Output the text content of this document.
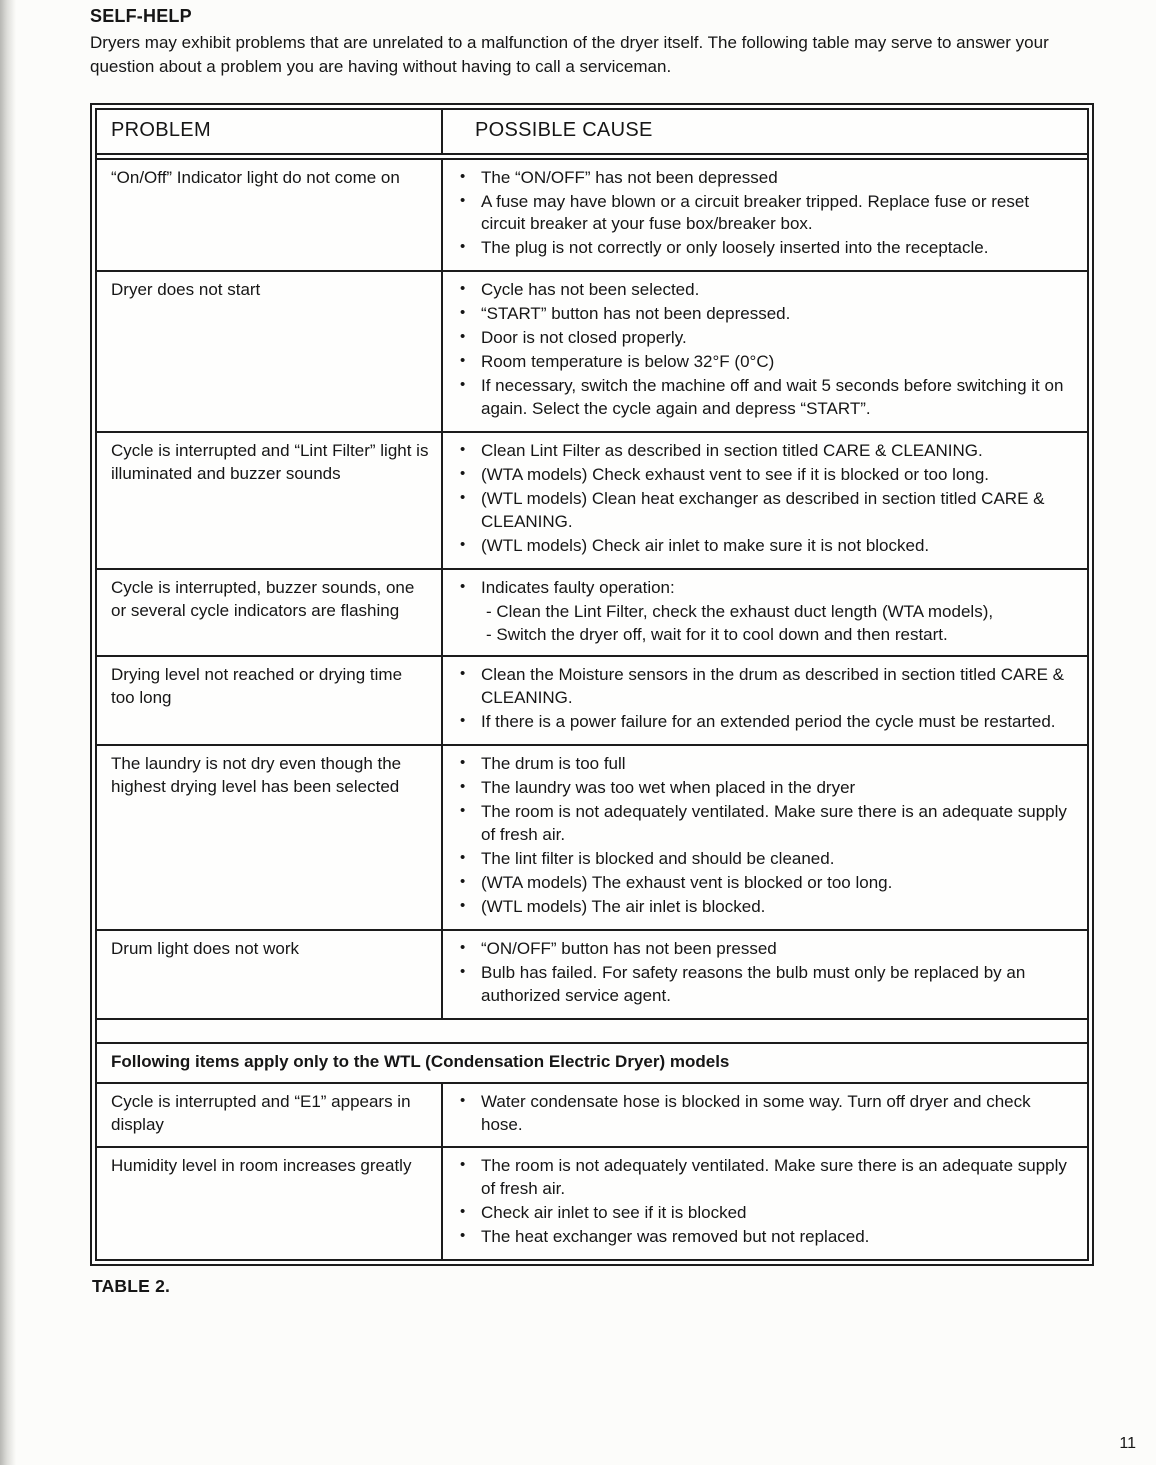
SELF-HELP

Dryers may exhibit problems that are unrelated to a malfunction of the dryer itself. The following table may serve to answer your question about a problem you are having without having to call a serviceman.

PROBLEM	POSSIBLE CAUSE
“On/Off” Indicator light do not come on	• The “ON/OFF” has not been depressed
• A fuse may have blown or a circuit breaker tripped. Replace fuse or reset circuit breaker at your fuse box/breaker box.
• The plug is not correctly or only loosely inserted into the receptacle.

Dryer does not start	• Cycle has not been selected.
• “START” button has not been depressed.
• Door is not closed properly.
• Room temperature is below 32°F (0°C)
• If necessary, switch the machine off and wait 5 seconds before switching it on again. Select the cycle again and depress “START”.

Cycle is interrupted and “Lint Filter” light is illuminated and buzzer sounds	
• Clean Lint Filter as described in section titled CARE & CLEANING.
• (WTA models) Check exhaust vent to see if it is blocked or too long.
• (WTL models) Clean heat exchanger as described in section titled CARE & CLEANING.
• (WTL models) Check air inlet to make sure it is not blocked.

Cycle is interrupted, buzzer sounds, one or several cycle indicators are flashing	• Indicates faulty operation:
- Clean the Lint Filter, check the exhaust duct length (WTA models),
- Switch the dryer off, wait for it to cool down and then restart.

Drying level not reached or drying time too long	• Clean the Moisture sensors in the drum as described in section titled CARE & CLEANING.
• If there is a power failure for an extended period the cycle must be restarted.

The laundry is not dry even though the highest drying level has been selected	
• The drum is too full
• The laundry was too wet when placed in the dryer
• The room is not adequately ventilated. Make sure there is an adequate supply of fresh air.
• The lint filter is blocked and should be cleaned.
• (WTA models) The exhaust vent is blocked or too long.
• (WTL models) The air inlet is blocked.

Drum light does not work	• “ON/OFF” button has not been pressed
• Bulb has failed. For safety reasons the bulb must only be replaced by an authorized service agent.

Following items apply only to the WTL (Condensation Electric Dryer) models	
Cycle is interrupted and “E1” appears in display	• Water condensate hose is blocked in some way. Turn off dryer and check hose.

Humidity level in room increases greatly	• The room is not adequately ventilated. Make sure there is an adequate supply of fresh air.
• Check air inlet to see if it is blocked
• The heat exchanger was removed but not replaced.

TABLE 2.

11
